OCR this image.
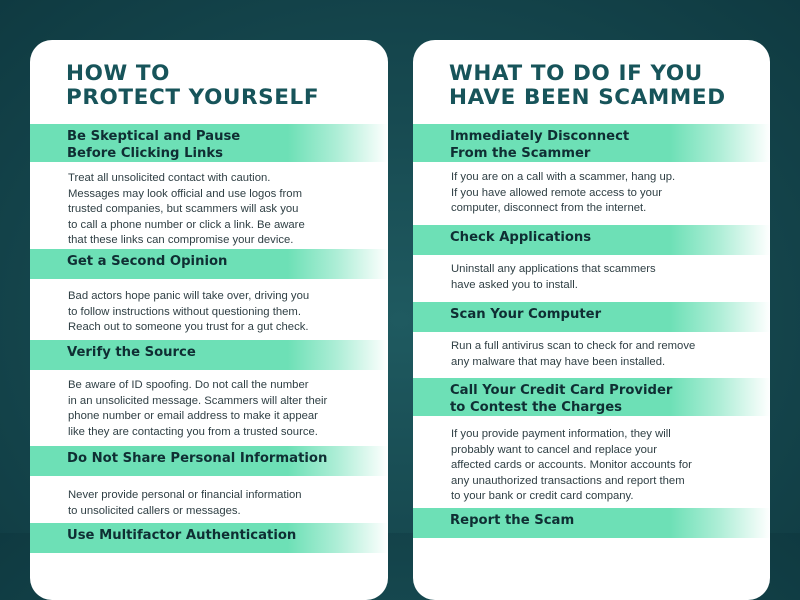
HOW TO
PROTECT YOURSELF
Be Skeptical and Pause
Before Clicking Links
Treat all unsolicited contact with caution.
Messages may look official and use logos from
trusted companies, but scammers will ask you
to call a phone number or click a link. Be aware
that these links can compromise your device.
Get a Second Opinion
Bad actors hope panic will take over, driving you
to follow instructions without questioning them.
Reach out to someone you trust for a gut check.
Verify the Source
Be aware of ID spoofing. Do not call the number
in an unsolicited message. Scammers will alter their
phone number or email address to make it appear
like they are contacting you from a trusted source.
Do Not Share Personal Information
Never provide personal or financial information
to unsolicited callers or messages.
Use Multifactor Authentication
WHAT TO DO IF YOU
HAVE BEEN SCAMMED
Immediately Disconnect
From the Scammer
If you are on a call with a scammer, hang up.
If you have allowed remote access to your
computer, disconnect from the internet.
Check Applications
Uninstall any applications that scammers
have asked you to install.
Scan Your Computer
Run a full antivirus scan to check for and remove
any malware that may have been installed.
Call Your Credit Card Provider
to Contest the Charges
If you provide payment information, they will
probably want to cancel and replace your
affected cards or accounts. Monitor accounts for
any unauthorized transactions and report them
to your bank or credit card company.
Report the Scam
